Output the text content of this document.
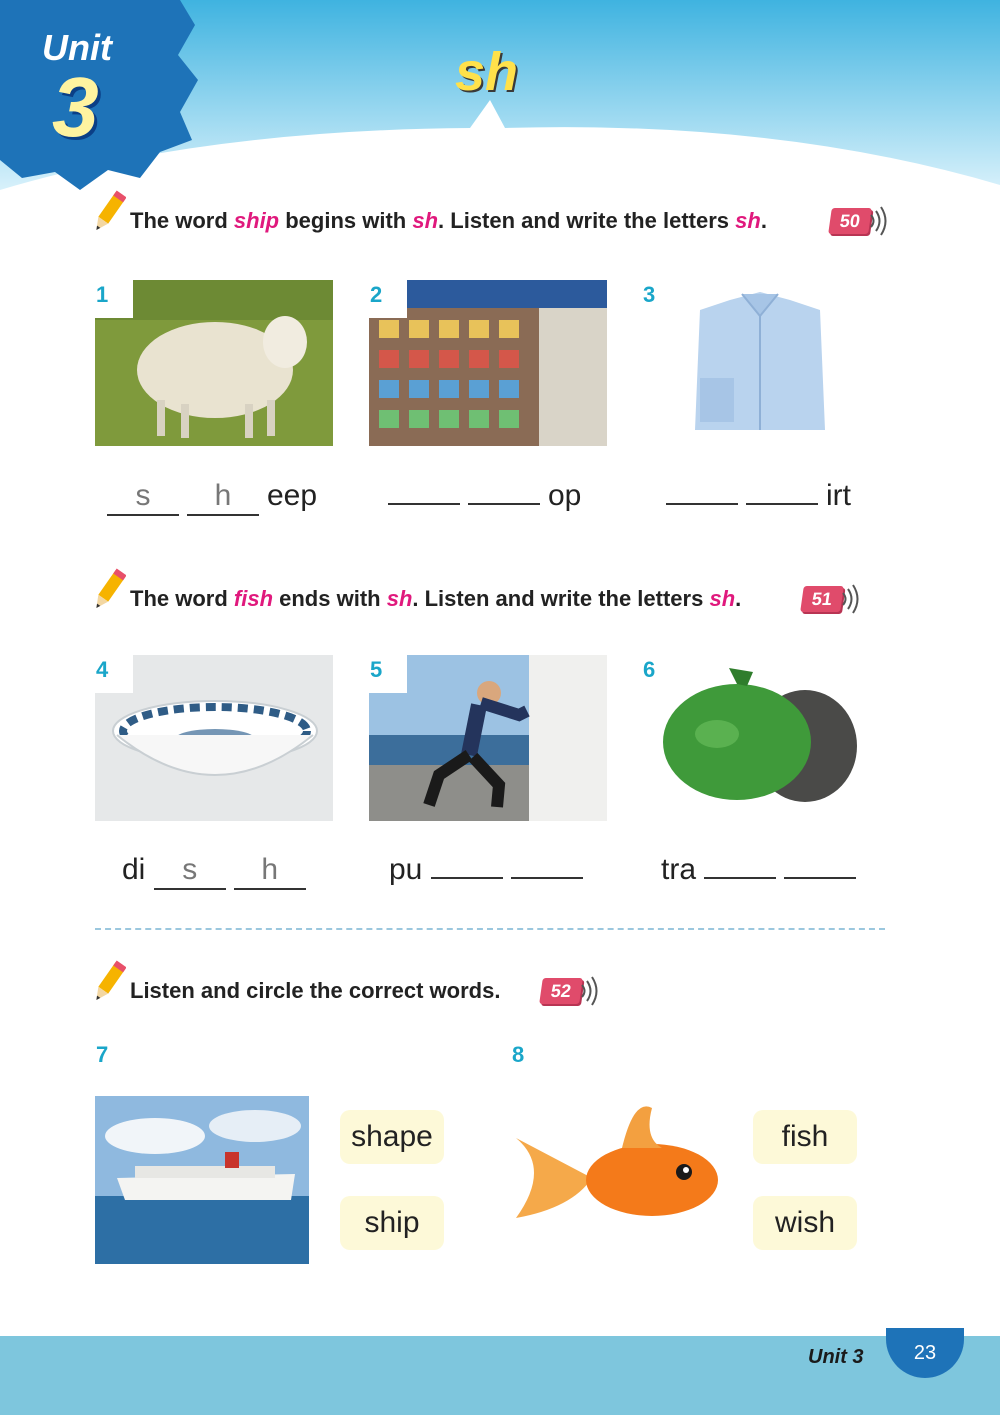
Unit
3	sh
The word ship begins with sh. Listen and write the letters sh.	50
1	2	3
s h eep	op	irt
The word fish ends with sh. Listen and write the letters sh.	51
4	5	6
di s h	pu	tra
Listen and circle the correct words.	52
7
shape
ship
8
fish
wish
Unit 3	23
